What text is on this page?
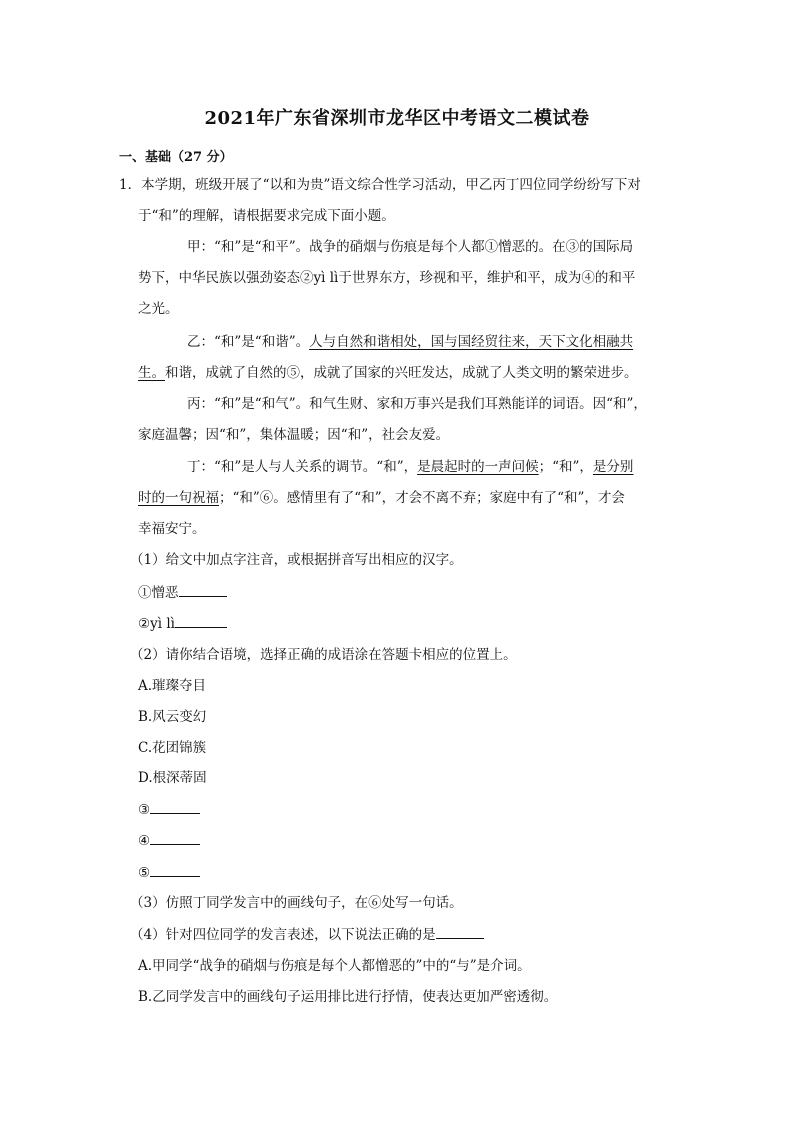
2021年广东省深圳市龙华区中考语文二模试卷
一、基础（27 分）
1．本学期，班级开展了“以和为贵”语文综合性学习活动，甲乙丙丁四位同学纷纷写下对
于“和”的理解，请根据要求完成下面小题。
甲：“和”是“和平”。战争的硝烟与伤痕是每个人都①憎恶的。在③的国际局
势下，中华民族以强劲姿态②yì lì于世界东方，珍视和平，维护和平，成为④的和平
之光。
乙：“和”是“和谐”。人与自然和谐相处，国与国经贸往来，天下文化相融共
生。和谐，成就了自然的⑤，成就了国家的兴旺发达，成就了人类文明的繁荣进步。
丙：“和”是“和气”。和气生财、家和万事兴是我们耳熟能详的词语。因“和”，
家庭温馨；因“和”，集体温暖；因“和”，社会友爱。
丁：“和”是人与人关系的调节。“和”，是晨起时的一声问候；“和”，是分别
时的一句祝福；“和”⑥。感情里有了“和”，才会不离不弃；家庭中有了“和”，才会
幸福安宁。
（1）给文中加点字注音，或根据拼音写出相应的汉字。
①憎恶
②yì lì
（2）请你结合语境，选择正确的成语涂在答题卡相应的位置上。
A.璀璨夺目
B.风云变幻
C.花团锦簇
D.根深蒂固
③
④
⑤
（3）仿照丁同学发言中的画线句子，在⑥处写一句话。
（4）针对四位同学的发言表述，以下说法正确的是
A.甲同学“战争的硝烟与伤痕是每个人都憎恶的”中的“与”是介词。
B.乙同学发言中的画线句子运用排比进行抒情，使表达更加严密透彻。
